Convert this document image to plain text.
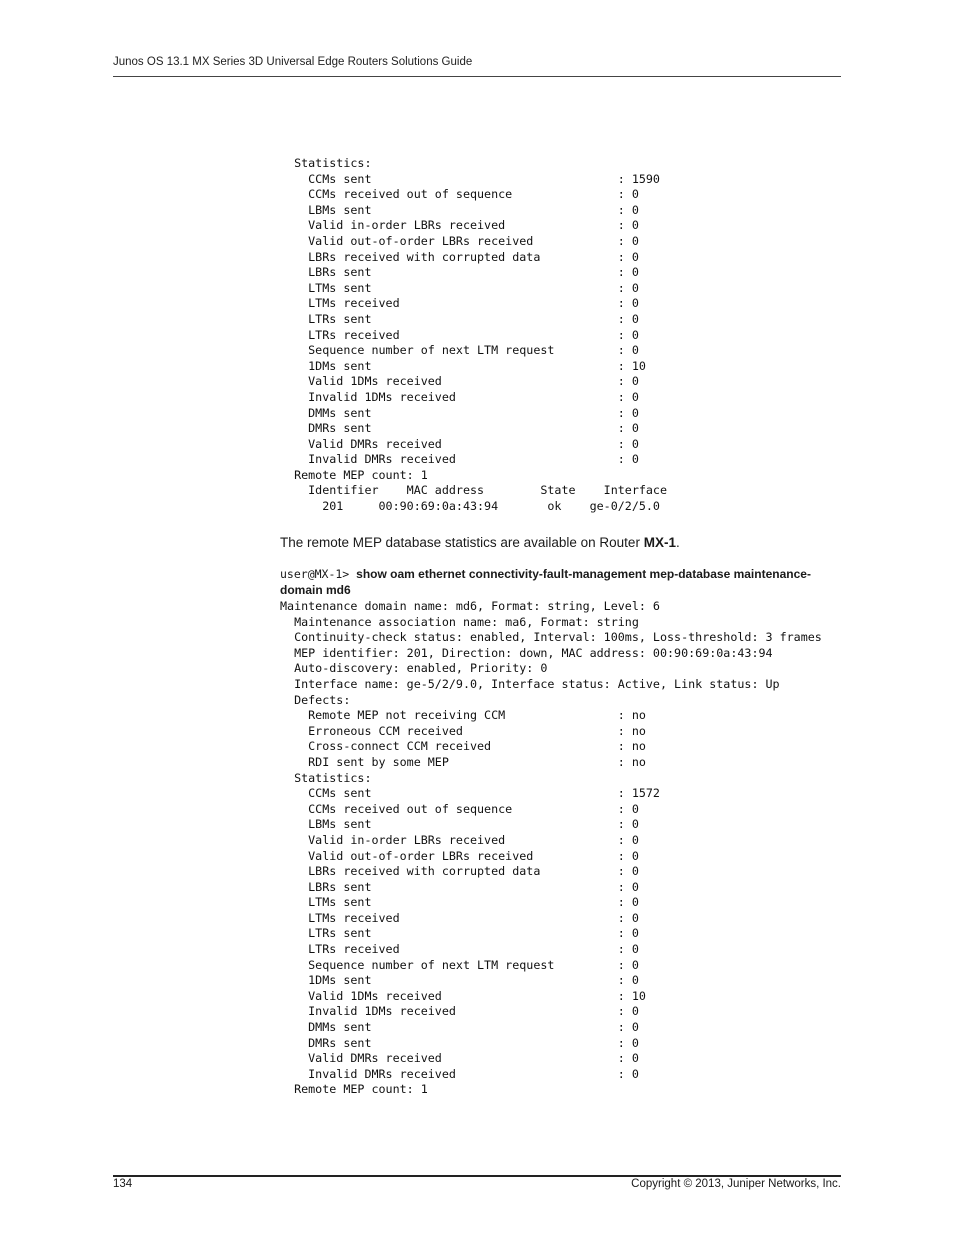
Junos OS 13.1 MX Series 3D Universal Edge Routers Solutions Guide
Statistics:
CCMs sent                                   : 1590
CCMs received out of sequence               : 0
LBMs sent                                   : 0
Valid in-order LBRs received                : 0
Valid out-of-order LBRs received            : 0
LBRs received with corrupted data           : 0
LBRs sent                                   : 0
LTMs sent                                   : 0
LTMs received                               : 0
LTRs sent                                   : 0
LTRs received                               : 0
Sequence number of next LTM request         : 0
1DMs sent                                   : 10
Valid 1DMs received                         : 0
Invalid 1DMs received                       : 0
DMMs sent                                   : 0
DMRs sent                                   : 0
Valid DMRs received                         : 0
Invalid DMRs received                       : 0
Remote MEP count: 1
Identifier    MAC address        State    Interface
201     00:90:69:0a:43:94       ok    ge-0/2/5.0
The remote MEP database statistics are available on Router MX-1.
user@MX-1> show oam ethernet connectivity-fault-management mep-database maintenance-domain md6
Maintenance domain name: md6, Format: string, Level: 6
Maintenance association name: ma6, Format: string
Continuity-check status: enabled, Interval: 100ms, Loss-threshold: 3 frames
MEP identifier: 201, Direction: down, MAC address: 00:90:69:0a:43:94
Auto-discovery: enabled, Priority: 0
Interface name: ge-5/2/9.0, Interface status: Active, Link status: Up
Defects:
Remote MEP not receiving CCM                : no
Erroneous CCM received                      : no
Cross-connect CCM received                  : no
RDI sent by some MEP                        : no
Statistics:
CCMs sent                                   : 1572
CCMs received out of sequence               : 0
LBMs sent                                   : 0
Valid in-order LBRs received                : 0
Valid out-of-order LBRs received            : 0
LBRs received with corrupted data           : 0
LBRs sent                                   : 0
LTMs sent                                   : 0
LTMs received                               : 0
LTRs sent                                   : 0
LTRs received                               : 0
Sequence number of next LTM request         : 0
1DMs sent                                   : 0
Valid 1DMs received                         : 10
Invalid 1DMs received                       : 0
DMMs sent                                   : 0
DMRs sent                                   : 0
Valid DMRs received                         : 0
Invalid DMRs received                       : 0
Remote MEP count: 1
134	Copyright © 2013, Juniper Networks, Inc.
